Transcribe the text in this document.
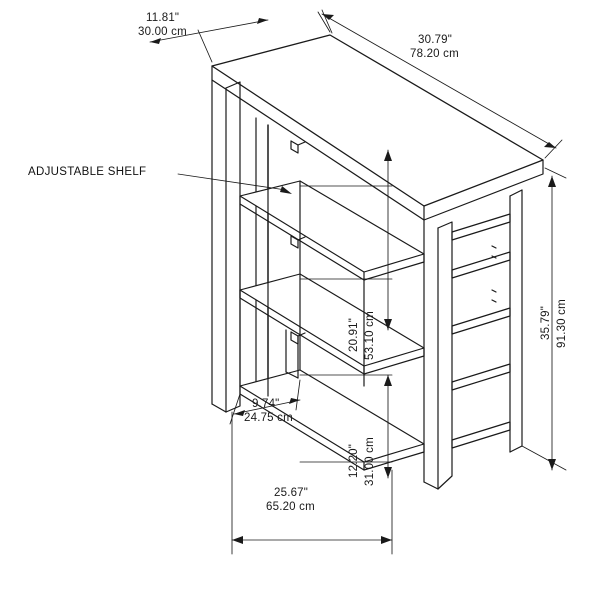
ADJUSTABLE SHELF
11.81"
30.00 cm
30.79"
78.20 cm
35.79" 91.30 cm
20.91" 53.10 cm
12.20" 31.00 cm
9.74"
24.75 cm
25.67"
65.20 cm
